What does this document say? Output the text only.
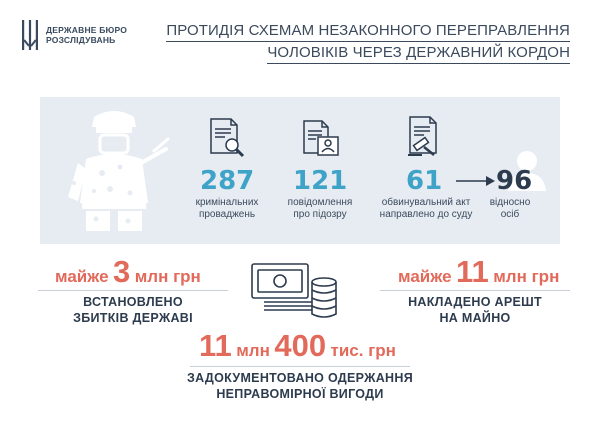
ДЕРЖАВНЕ БЮРО
РОЗСЛІДУВАНЬ
ПРОТИДІЯ СХЕМАМ НЕЗАКОННОГО ПЕРЕПРАВЛЕННЯ
ЧОЛОВІКІВ ЧЕРЕЗ ДЕРЖАВНИЙ КОРДОН
287
кримінальних
проваджень
121
повідомлення
про підозру
61
обвинувальний акт
направлено до суду
96
відносно
осіб
майже 3 млн грн
ВСТАНОВЛЕНО
ЗБИТКІВ ДЕРЖАВІ
майже 11 млн грн
НАКЛАДЕНО АРЕШТ
НА МАЙНО
11 млн 400 тис. грн
ЗАДОКУМЕНТОВАНО ОДЕРЖАННЯ
НЕПРАВОМІРНОЇ ВИГОДИ
